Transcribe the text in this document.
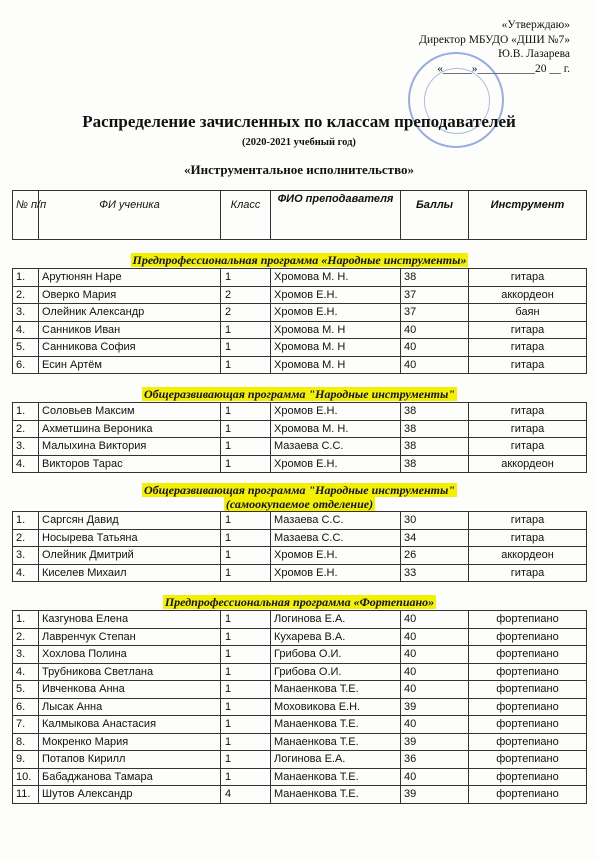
«Утверждаю»
Директор МБУДО «ДШИ №7»
Ю.В. Лазарева
«_____»__________20 __ г.
Распределение зачисленных по классам преподавателей
(2020-2021 учебный год)
«Инструментальное исполнительство»
№ п/п	ФИ ученика	Класс	ФИО преподавателя	Баллы	Инструмент
Предпрофессиональная программа «Народные инструменты»					
1.	Арутюнян Наре	1	Хромова М. Н.	38	гитара
2.	Оверко Мария	2	Хромов Е.Н.	37	аккордеон
3.	Олейник Александр	2	Хромов Е.Н.	37	баян
4.	Санников Иван	1	Хромова М. Н	40	гитара
5.	Санникова София	1	Хромова М. Н	40	гитара
6.	Есин Артём	1	Хромова М. Н	40	гитара
Общеразвивающая программа "Народные инструменты"					
1.	Соловьев Максим	1	Хромов Е.Н.	38	гитара
2.	Ахметшина Вероника	1	Хромова М. Н.	38	гитара
3.	Малыхина Виктория	1	Мазаева С.С.	38	гитара
4.	Викторов Тарас	1	Хромов Е.Н.	38	аккордеон
Общеразвивающая программа "Народные инструменты"
(самоокупаемое отделение)					
1.	Саргсян Давид	1	Мазаева С.С.	30	гитара
2.	Носырева Татьяна	1	Мазаева С.С.	34	гитара
3.	Олейник Дмитрий	1	Хромов Е.Н.	26	аккордеон
4.	Киселев Михаил	1	Хромов Е.Н.	33	гитара
Предпрофессиональная программа «Фортепиано»					
1.	Казгунова Елена	1	Логинова Е.А.	40	фортепиано
2.	Лавренчук Степан	1	Кухарева В.А.	40	фортепиано
3.	Хохлова Полина	1	Грибова О.И.	40	фортепиано
4.	Трубникова Светлана	1	Грибова О.И.	40	фортепиано
5.	Ивченкова Анна	1	Манаенкова Т.Е.	40	фортепиано
6.	Лысак Анна	1	Моховикова Е.Н.	39	фортепиано
7.	Калмыкова Анастасия	1	Манаенкова Т.Е.	40	фортепиано
8.	Мокренко Мария	1	Манаенкова Т.Е.	39	фортепиано
9.	Потапов Кирилл	1	Логинова Е.А.	36	фортепиано
10.	Бабаджанова Тамара	1	Манаенкова Т.Е.	40	фортепиано
11.	Шутов Александр	4	Манаенкова Т.Е.	39	фортепиано
